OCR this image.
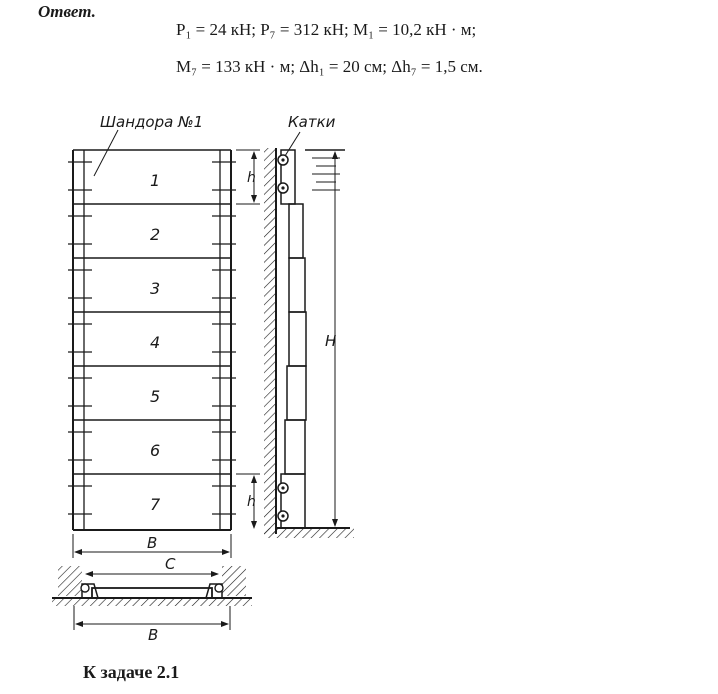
Ответ.
P₁ = 24 кН; P₇ = 312 кН; M₁ = 10,2 кН · м;
M₇ = 133 кН · м; Δh₁ = 20 см; Δh₇ = 1,5 см.
1
2
3
4
5
6
7
Шандора №1	Катки
h
h
H
B
C
B
К задаче 2.1
